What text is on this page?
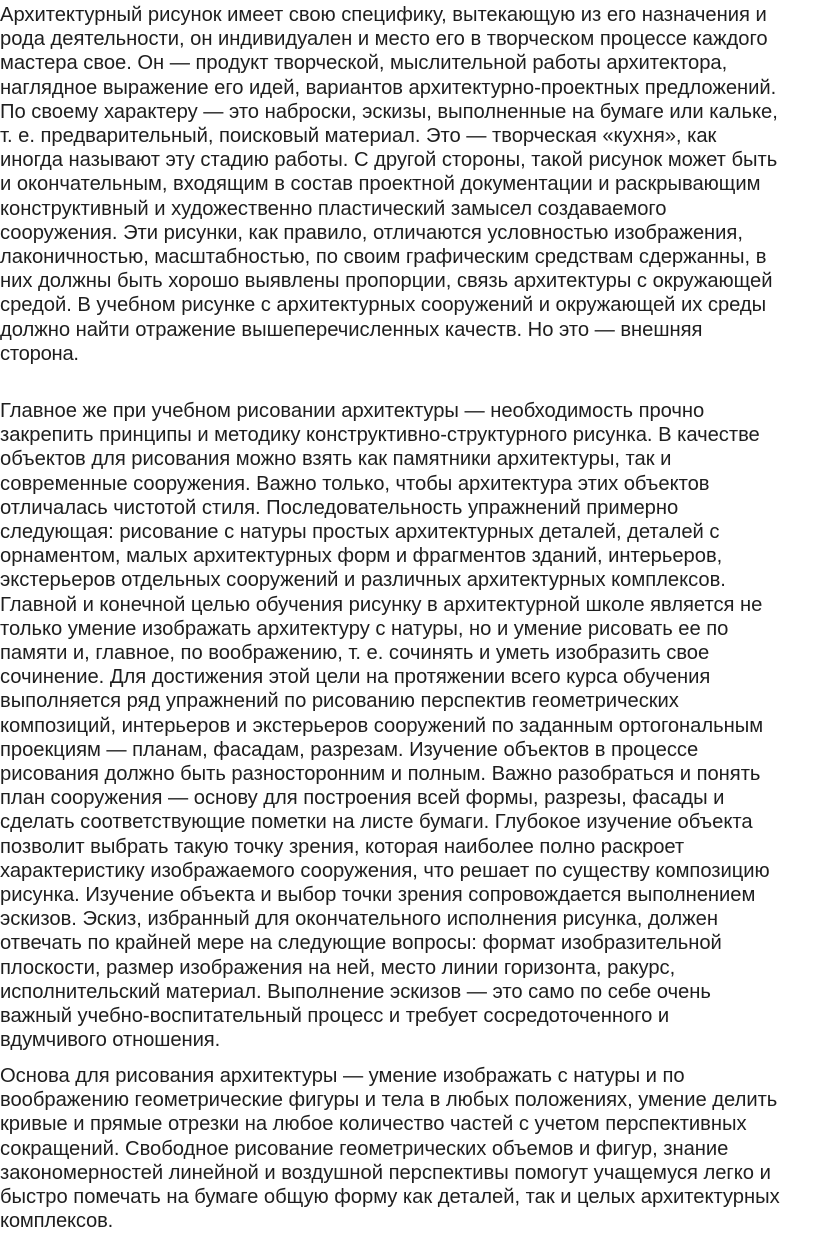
Архитектурный рисунок имеет свою специфику, вытекающую из его назначения и
рода деятельности, он индивидуален и место его в творческом процессе каждого
мастера свое. Он — продукт творческой, мыслительной работы архитектора,
наглядное выражение его идей, вариантов архитектурно-проектных предложений.
По своему характеру — это наброски, эскизы, выполненные на бумаге или кальке,
т. е. предварительный, поисковый материал. Это — творческая «кухня», как
иногда называют эту стадию работы. С другой стороны, такой рисунок может быть
и окончательным, входящим в состав проектной документации и раскрывающим
конструктивный и художественно пластический замысел создаваемого
сооружения. Эти рисунки, как правило, отличаются условностью изображения,
лаконичностью, масштабностью, по своим графическим средствам сдержанны, в
них должны быть хорошо выявлены пропорции, связь архитектуры с окружающей
средой. В учебном рисунке с архитектурных сооружений и окружающей их среды
должно найти отражение вышеперечисленных качеств. Но это — внешняя
сторона.

Главное же при учебном рисовании архитектуры — необходимость прочно
закрепить принципы и методику конструктивно-структурного рисунка. В качестве
объектов для рисования можно взять как памятники архитектуры, так и
современные сооружения. Важно только, чтобы архитектура этих объектов
отличалась чистотой стиля. Последовательность упражнений примерно
следующая: рисование с натуры простых архитектурных деталей, деталей с
орнаментом, малых архитектурных форм и фрагментов зданий, интерьеров,
экстерьеров отдельных сооружений и различных архитектурных комплексов.
Главной и конечной целью обучения рисунку в архитектурной школе является не
только умение изображать архитектуру с натуры, но и умение рисовать ее по
памяти и, главное, по воображению, т. е. сочинять и уметь изобразить свое
сочинение. Для достижения этой цели на протяжении всего курса обучения
выполняется ряд упражнений по рисованию перспектив геометрических
композиций, интерьеров и экстерьеров сооружений по заданным ортогональным
проекциям — планам, фасадам, разрезам. Изучение объектов в процессе
рисования должно быть разносторонним и полным. Важно разобраться и понять
план сооружения — основу для построения всей формы, разрезы, фасады и
сделать соответствующие пометки на листе бумаги. Глубокое изучение объекта
позволит выбрать такую точку зрения, которая наиболее полно раскроет
характеристику изображаемого сооружения, что решает по существу композицию
рисунка. Изучение объекта и выбор точки зрения сопровождается выполнением
эскизов. Эскиз, избранный для окончательного исполнения рисунка, должен
отвечать по крайней мере на следующие вопросы: формат изобразительной
плоскости, размер изображения на ней, место линии горизонта, ракурс,
исполнительский материал. Выполнение эскизов — это само по себе очень
важный учебно-воспитательный процесс и требует сосредоточенного и
вдумчивого отношения.

Основа для рисования архитектуры — умение изображать с натуры и по
воображению геометрические фигуры и тела в любых положениях, умение делить
кривые и прямые отрезки на любое количество частей с учетом перспективных
сокращений. Свободное рисование геометрических объемов и фигур, знание
закономерностей линейной и воздушной перспективы помогут учащемуся легко и
быстро помечать на бумаге общую форму как деталей, так и целых архитектурных
комплексов.
